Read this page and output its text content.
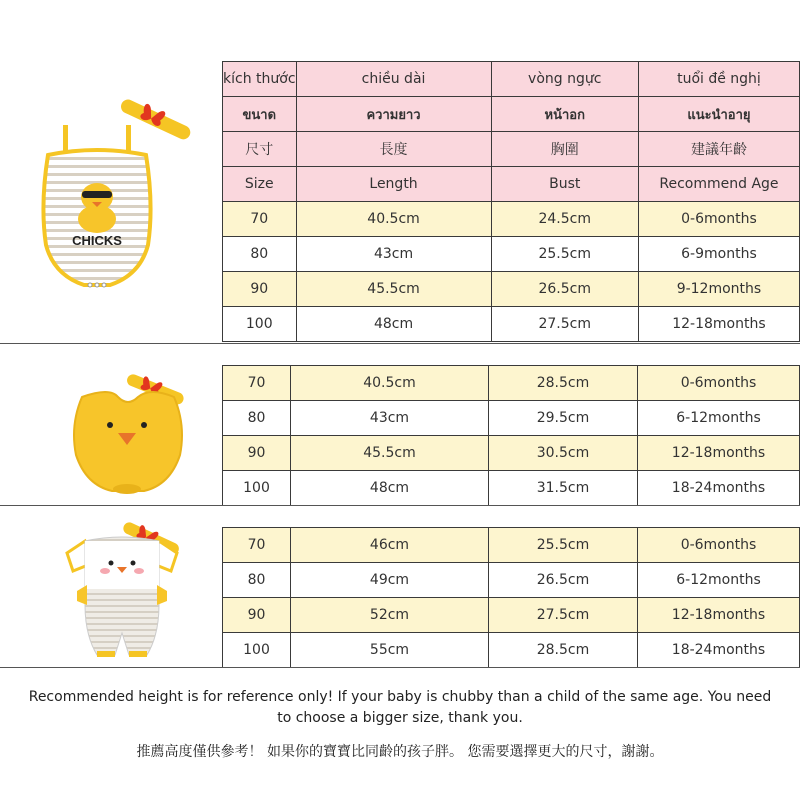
kích thước	chiều dài	vòng ngực	tuổi đề nghị
ขนาด	ความยาว	หน้าอก	แนะนำอายุ
尺寸	長度	胸圍	建議年齡
Size	Length	Bust	Recommend Age
70	40.5cm	24.5cm	0-6months
80	43cm	25.5cm	6-9months
90	45.5cm	26.5cm	9-12months
100	48cm	27.5cm	12-18months
70	40.5cm	28.5cm	0-6months
80	43cm	29.5cm	6-12months
90	45.5cm	30.5cm	12-18months
100	48cm	31.5cm	18-24months
70	46cm	25.5cm	0-6months
80	49cm	26.5cm	6-12months
90	52cm	27.5cm	12-18months
100	55cm	28.5cm	18-24months
CHICKS
Recommended height is for reference only! If your baby is chubby than a child of the same age. You need to choose a bigger size, thank you.
推薦高度僅供參考！ 如果你的寶寶比同齡的孩子胖。 您需要選擇更大的尺寸，謝謝。
